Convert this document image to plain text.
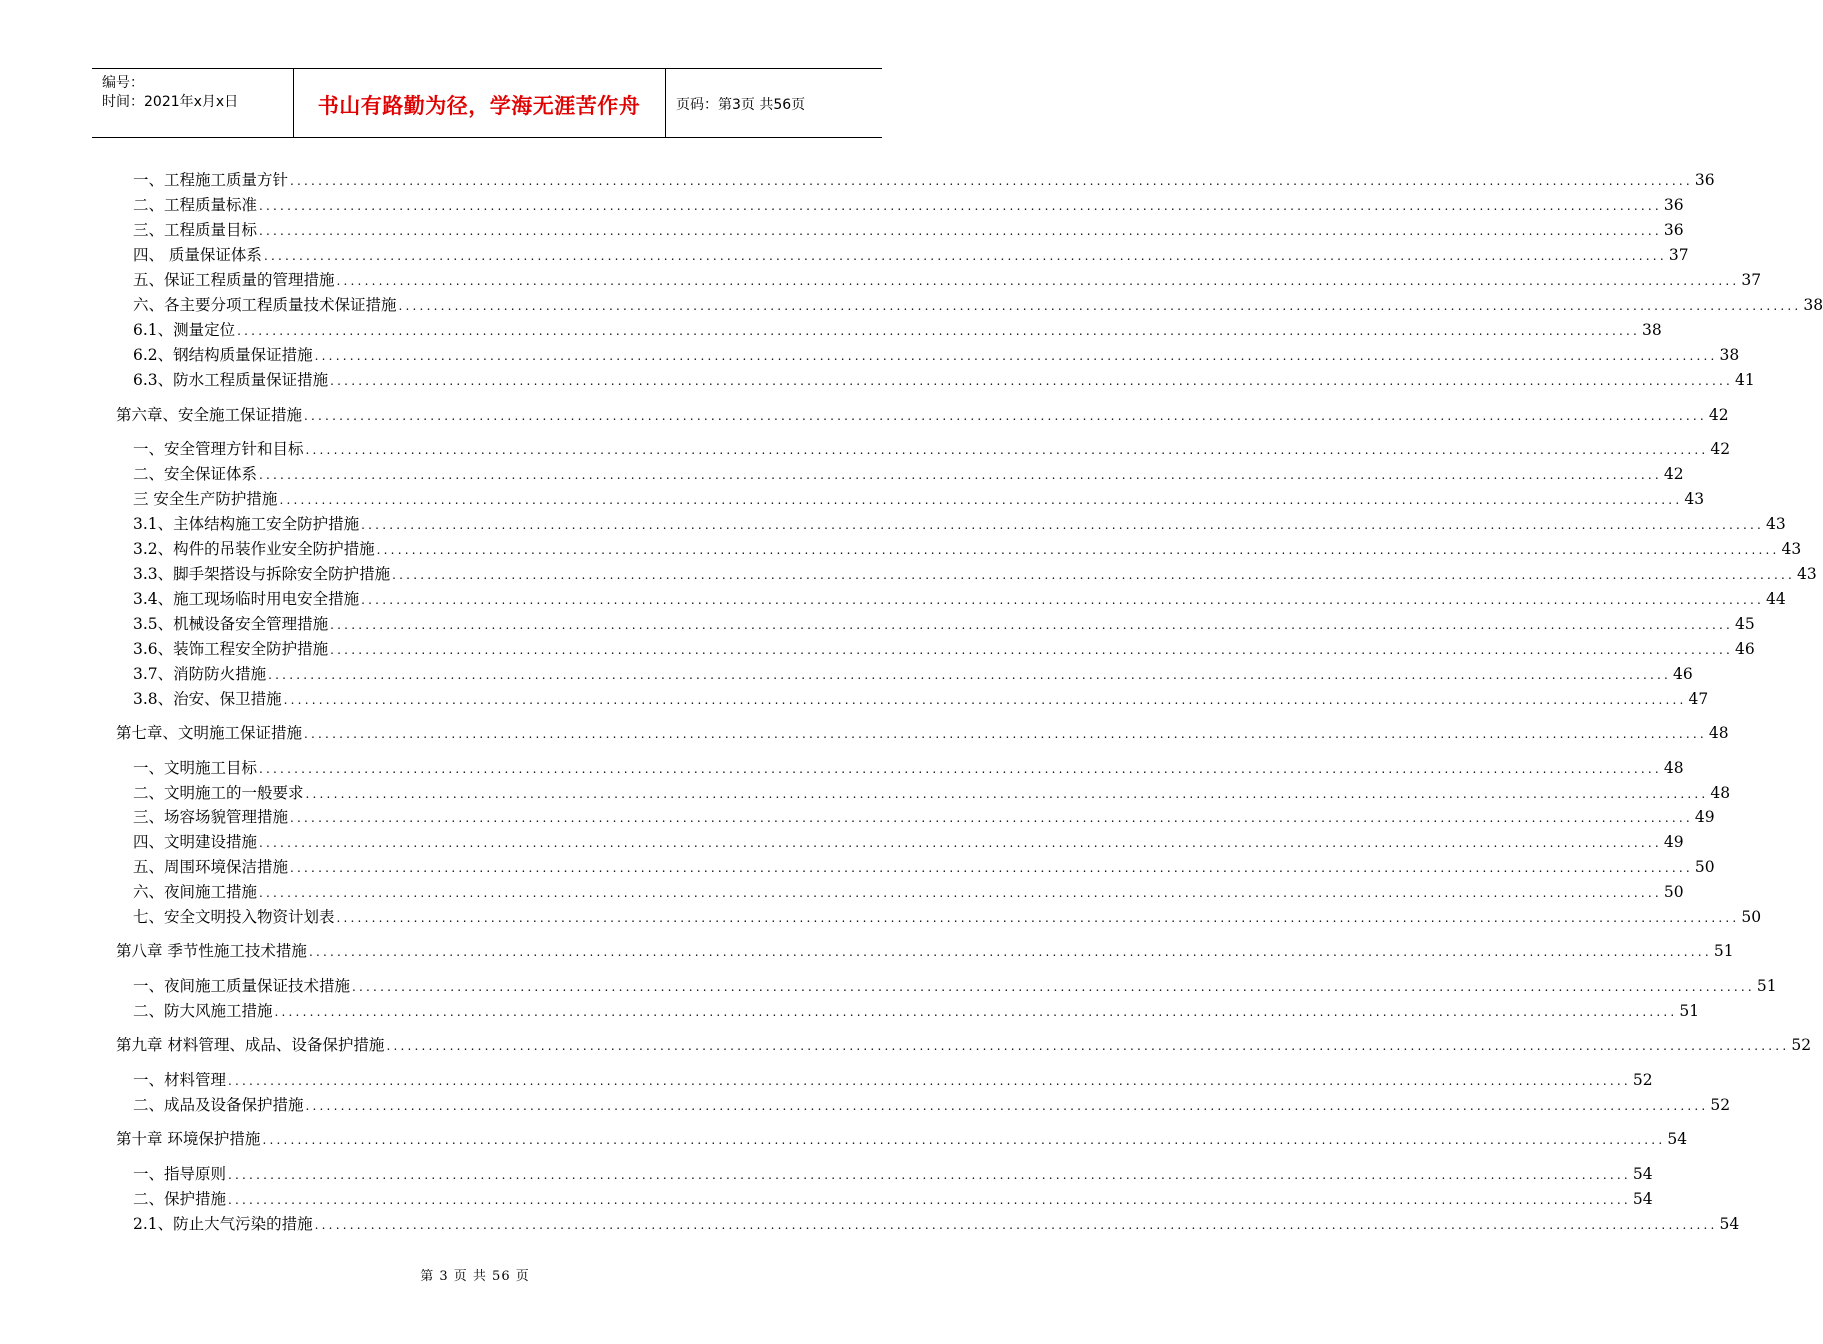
编号：
时间：2021年x月x日	书山有路勤为径，学海无涯苦作舟	页码：第3页 共56页
一、工程施工质量方针 ........................................................................................................................................................................................................ 36
二、工程质量标准 ........................................................................................................................................................................................................ 36
三、工程质量目标 ........................................................................................................................................................................................................ 36
四、 质量保证体系 ........................................................................................................................................................................................................ 37
五、保证工程质量的管理措施 ........................................................................................................................................................................................................ 37
六、各主要分项工程质量技术保证措施 ........................................................................................................................................................................................................ 38
6.1、测量定位 ........................................................................................................................................................................................................ 38
6.2、钢结构质量保证措施 ........................................................................................................................................................................................................ 38
6.3、防水工程质量保证措施 ........................................................................................................................................................................................................ 41
第六章、安全施工保证措施 ........................................................................................................................................................................................................ 42
一、安全管理方针和目标 ........................................................................................................................................................................................................ 42
二、安全保证体系 ........................................................................................................................................................................................................ 42
三 安全生产防护措施 ........................................................................................................................................................................................................ 43
3.1、主体结构施工安全防护措施 ........................................................................................................................................................................................................ 43
3.2、构件的吊装作业安全防护措施 ........................................................................................................................................................................................................ 43
3.3、脚手架搭设与拆除安全防护措施 ........................................................................................................................................................................................................ 43
3.4、施工现场临时用电安全措施 ........................................................................................................................................................................................................ 44
3.5、机械设备安全管理措施 ........................................................................................................................................................................................................ 45
3.6、装饰工程安全防护措施 ........................................................................................................................................................................................................ 46
3.7、消防防火措施 ........................................................................................................................................................................................................ 46
3.8、治安、保卫措施 ........................................................................................................................................................................................................ 47
第七章、文明施工保证措施 ........................................................................................................................................................................................................ 48
一、文明施工目标 ........................................................................................................................................................................................................ 48
二、文明施工的一般要求 ........................................................................................................................................................................................................ 48
三、场容场貌管理措施 ........................................................................................................................................................................................................ 49
四、文明建设措施 ........................................................................................................................................................................................................ 49
五、周围环境保洁措施 ........................................................................................................................................................................................................ 50
六、夜间施工措施 ........................................................................................................................................................................................................ 50
七、安全文明投入物资计划表 ........................................................................................................................................................................................................ 50
第八章 季节性施工技术措施 ........................................................................................................................................................................................................ 51
一、夜间施工质量保证技术措施 ........................................................................................................................................................................................................ 51
二、防大风施工措施 ........................................................................................................................................................................................................ 51
第九章 材料管理、成品、设备保护措施 ........................................................................................................................................................................................................ 52
一、材料管理 ........................................................................................................................................................................................................ 52
二、成品及设备保护措施 ........................................................................................................................................................................................................ 52
第十章 环境保护措施 ........................................................................................................................................................................................................ 54
一、指导原则 ........................................................................................................................................................................................................ 54
二、保护措施 ........................................................................................................................................................................................................ 54
2.1、防止大气污染的措施 ........................................................................................................................................................................................................ 54
第 3 页 共 56 页
